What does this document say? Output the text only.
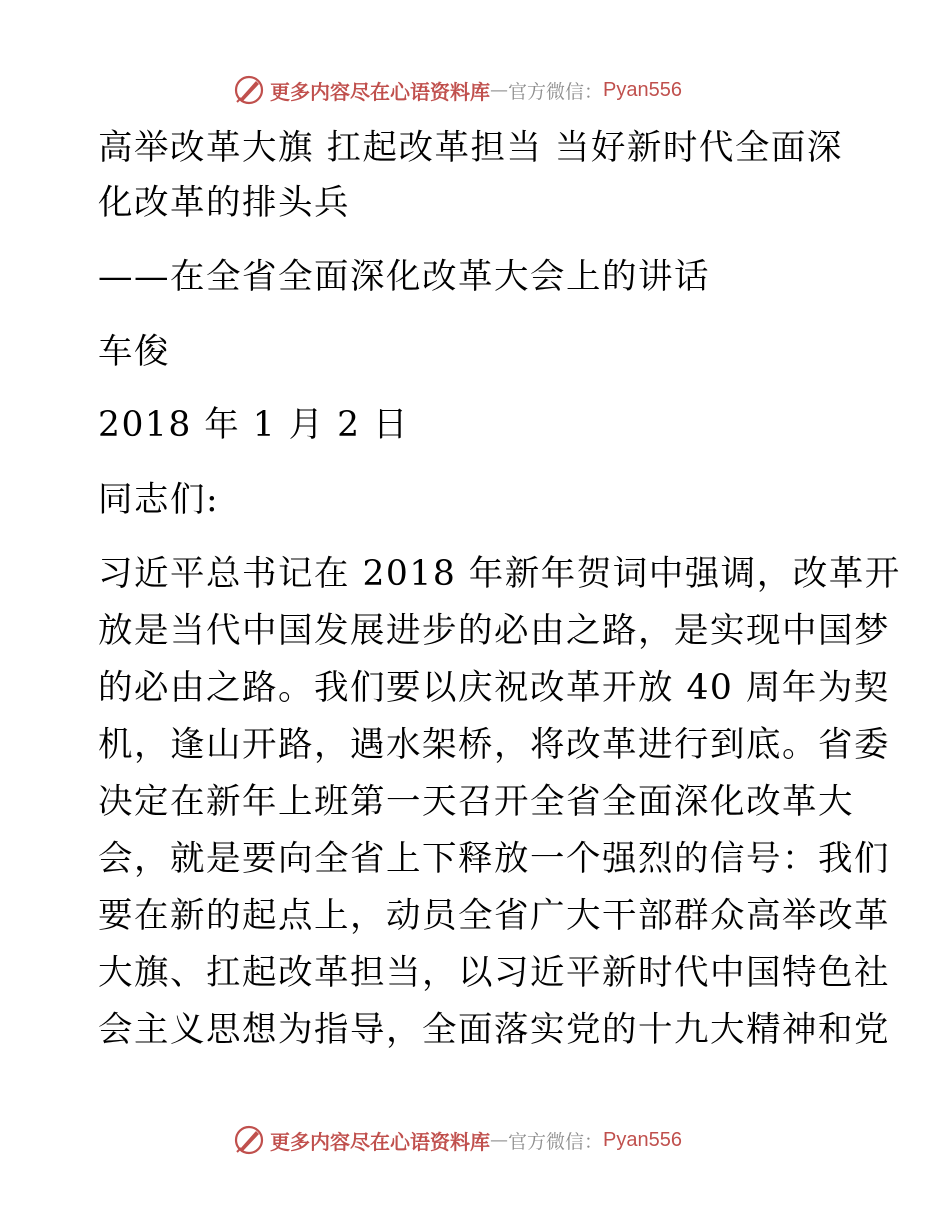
更多内容尽在心语资料库 — 官方微信： Pyan556
高举改革大旗 扛起改革担当 当好新时代全面深
化改革的排头兵
——在全省全面深化改革大会上的讲话
车俊
2018 年 1 月 2 日
同志们:
习近平总书记在 2018 年新年贺词中强调，改革开
放是当代中国发展进步的必由之路，是实现中国梦
的必由之路。我们要以庆祝改革开放 40 周年为契
机，逢山开路，遇水架桥，将改革进行到底。省委
决定在新年上班第一天召开全省全面深化改革大
会，就是要向全省上下释放一个强烈的信号：我们
要在新的起点上，动员全省广大干部群众高举改革
大旗、扛起改革担当，以习近平新时代中国特色社
会主义思想为指导，全面落实党的十九大精神和党
更多内容尽在心语资料库 — 官方微信： Pyan556
